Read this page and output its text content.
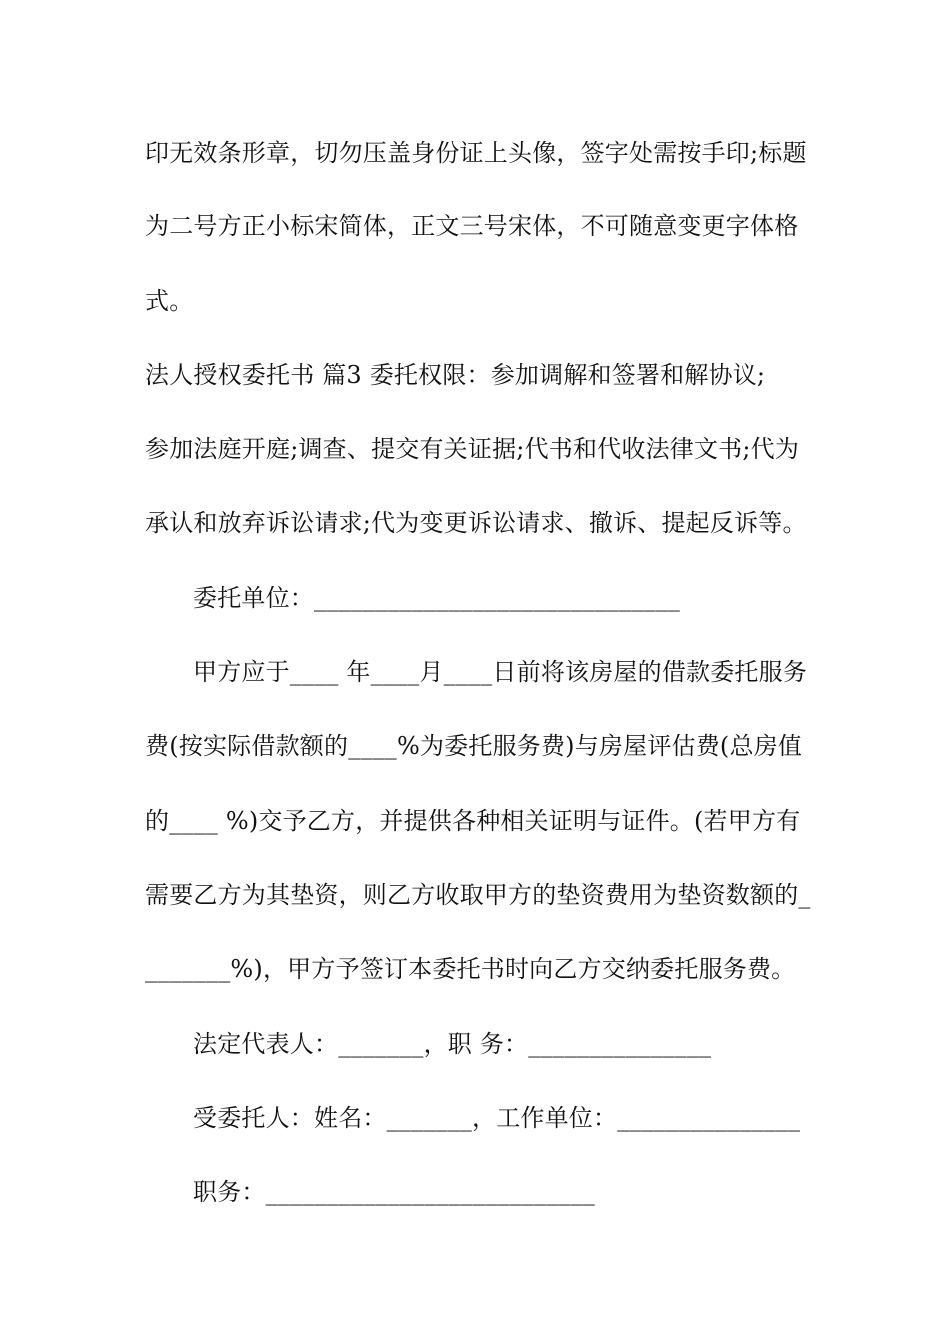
印无效条形章，切勿压盖身份证上头像，签字处需按手印;标题
为二号方正小标宋简体，正文三号宋体，不可随意变更字体格
式。
法人授权委托书 篇3 委托权限：参加调解和签署和解协议;
参加法庭开庭;调查、提交有关证据;代书和代收法律文书;代为
承认和放弃诉讼请求;代为变更诉讼请求、撤诉、提起反诉等。
委托单位：______________________________
甲方应于____ 年____月____日前将该房屋的借款委托服务
费(按实际借款额的____%为委托服务费)与房屋评估费(总房值
的____ %)交予乙方，并提供各种相关证明与证件。(若甲方有
需要乙方为其垫资，则乙方收取甲方的垫资费用为垫资数额的_
_______%)，甲方予签订本委托书时向乙方交纳委托服务费。
法定代表人：_______，职 务：_______________
受委托人：姓名：_______，工作单位：_______________
职务：___________________________
